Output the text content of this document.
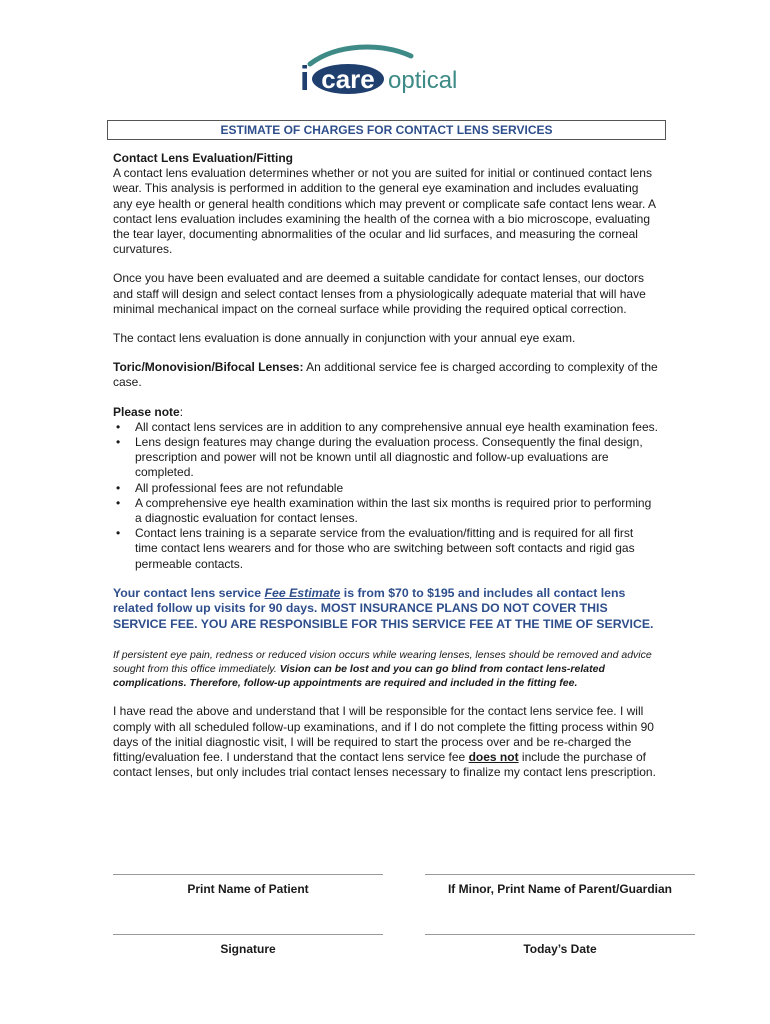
i care optical
ESTIMATE OF CHARGES FOR CONTACT LENS SERVICES

Contact Lens Evaluation/Fitting
A contact lens evaluation determines whether or not you are suited for initial or continued contact lens wear. This analysis is performed in addition to the general eye examination and includes evaluating any eye health or general health conditions which may prevent or complicate safe contact lens wear. A contact lens evaluation includes examining the health of the cornea with a bio microscope, evaluating the tear layer, documenting abnormalities of the ocular and lid surfaces, and measuring the corneal curvatures.

Once you have been evaluated and are deemed a suitable candidate for contact lenses, our doctors and staff will design and select contact lenses from a physiologically adequate material that will have minimal mechanical impact on the corneal surface while providing the required optical correction.

The contact lens evaluation is done annually in conjunction with your annual eye exam.

Toric/Monovision/Bifocal Lenses: An additional service fee is charged according to complexity of the case.

Please note:
• All contact lens services are in addition to any comprehensive annual eye health examination fees.
• Lens design features may change during the evaluation process. Consequently the final design, prescription and power will not be known until all diagnostic and follow-up evaluations are completed.
• All professional fees are not refundable
• A comprehensive eye health examination within the last six months is required prior to performing a diagnostic evaluation for contact lenses.
• Contact lens training is a separate service from the evaluation/fitting and is required for all first time contact lens wearers and for those who are switching between soft contacts and rigid gas permeable contacts.

Your contact lens service Fee Estimate is from $70 to $195 and includes all contact lens related follow up visits for 90 days. MOST INSURANCE PLANS DO NOT COVER THIS SERVICE FEE. YOU ARE RESPONSIBLE FOR THIS SERVICE FEE AT THE TIME OF SERVICE.

If persistent eye pain, redness or reduced vision occurs while wearing lenses, lenses should be removed and advice sought from this office immediately. Vision can be lost and you can go blind from contact lens-related complications. Therefore, follow-up appointments are required and included in the fitting fee.

I have read the above and understand that I will be responsible for the contact lens service fee. I will comply with all scheduled follow-up examinations, and if I do not complete the fitting process within 90 days of the initial diagnostic visit, I will be required to start the process over and be re-charged the fitting/evaluation fee. I understand that the contact lens service fee does not include the purchase of contact lenses, but only includes trial contact lenses necessary to finalize my contact lens prescription.

Print Name of Patient	If Minor, Print Name of Parent/Guardian
Signature	Today’s Date
